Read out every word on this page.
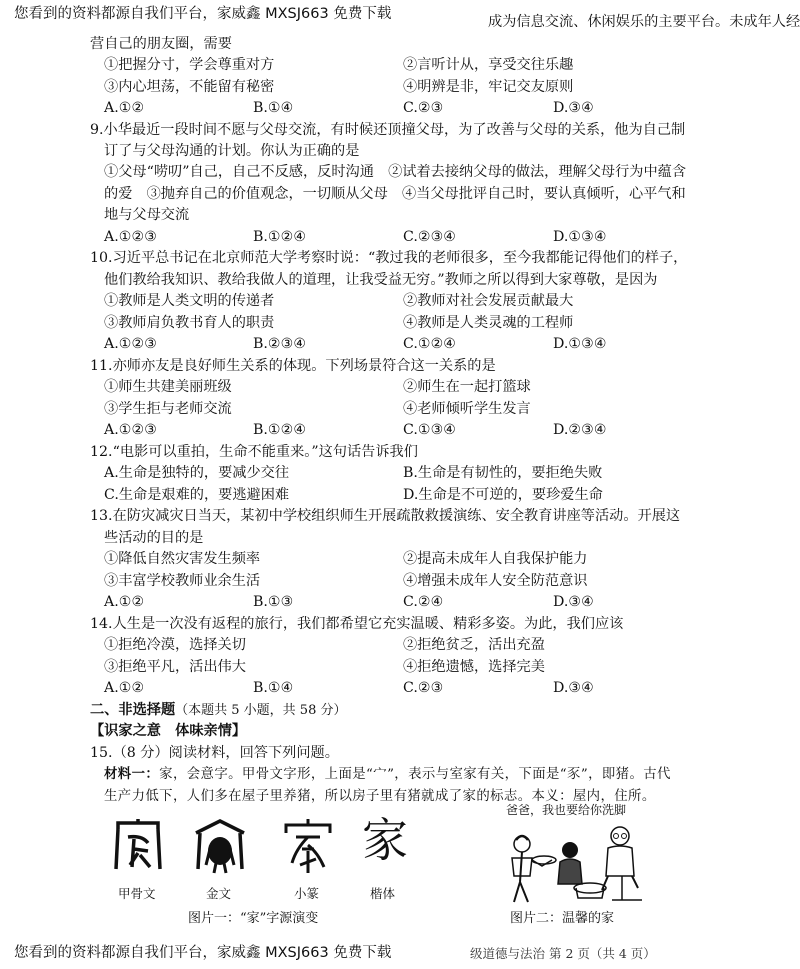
您看到的资料都源自我们平台，家威鑫 MXSJ663 免费下载	成为信息交流、休闲娱乐的主要平台。未成年人经
营自己的朋友圈，需要
①把握分寸，学会尊重对方	②言听计从，享受交往乐趣
③内心坦荡，不能留有秘密	④明辨是非，牢记交友原则
A.①②	B.①④	C.②③	D.③④
9.小华最近一段时间不愿与父母交流，有时候还顶撞父母，为了改善与父母的关系，他为自己制
订了与父母沟通的计划。你认为正确的是
①父母“唠叨”自己，自己不反感，反时沟通　②试着去接纳父母的做法，理解父母行为中蕴含
的爱　③抛弃自己的价值观念，一切顺从父母　④当父母批评自己时，要认真倾听，心平气和
地与父母交流
A.①②③	B.①②④	C.②③④	D.①③④
10.习近平总书记在北京师范大学考察时说：“教过我的老师很多，至今我都能记得他们的样子，
他们教给我知识、教给我做人的道理，让我受益无穷。”教师之所以得到大家尊敬，是因为
①教师是人类文明的传递者	②教师对社会发展贡献最大
③教师肩负教书育人的职责	④教师是人类灵魂的工程师
A.①②③	B.②③④	C.①②④	D.①③④
11.亦师亦友是良好师生关系的体现。下列场景符合这一关系的是
①师生共建美丽班级	②师生在一起打篮球
③学生拒与老师交流	④老师倾听学生发言
A.①②③	B.①②④	C.①③④	D.②③④
12.“电影可以重拍，生命不能重来。”这句话告诉我们
A.生命是独特的，要减少交往	B.生命是有韧性的，要拒绝失败
C.生命是艰难的，要逃避困难	D.生命是不可逆的，要珍爱生命
13.在防灾减灾日当天，某初中学校组织师生开展疏散救援演练、安全教育讲座等活动。开展这
些活动的目的是
①降低自然灾害发生频率	②提高未成年人自我保护能力
③丰富学校教师业余生活	④增强未成年人安全防范意识
A.①②	B.①③	C.②④	D.③④
14.人生是一次没有返程的旅行，我们都希望它充实温暖、精彩多姿。为此，我们应该
①拒绝冷漠，选择关切	②拒绝贫乏，活出充盈
③拒绝平凡，活出伟大	④拒绝遗憾，选择完美
A.①②	B.①④	C.②③	D.③④
二、非选择题（本题共 5 小题，共 58 分）
【识家之意　体味亲情】
15.（8 分）阅读材料，回答下列问题。
材料一：家，会意字。甲骨文字形，上面是“宀”，表示与室家有关，下面是“豕”，即猪。古代
生产力低下，人们多在屋子里养猪，所以房子里有猪就成了家的标志。本义：屋内，住所。
家
甲骨文	金文	小篆	楷体
图片一：“家”字源演变
爸爸，我也要给你洗脚
图片二：温馨的家
您看到的资料都源自我们平台，家威鑫 MXSJ663 免费下载	级道德与法治 第 2 页（共 4 页）
